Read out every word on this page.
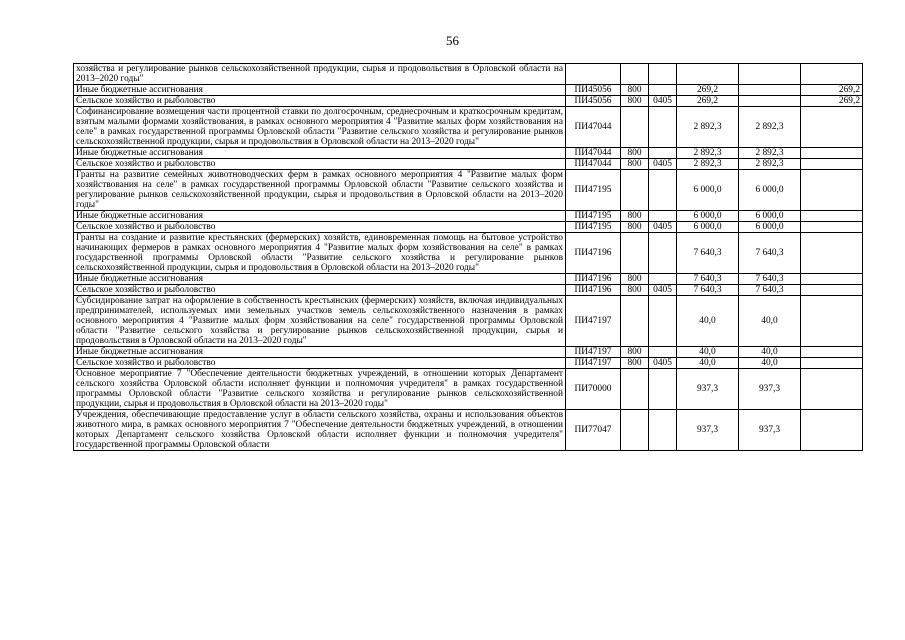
56
хозяйства и регулирование рынков сельскохозяйственной продукции, сырья и продовольствия в Орловской области на 2013–2020 годы"						
Иные бюджетные ассигнования	ПИ45056	800		269,2		269,2
Сельское хозяйство и рыболовство	ПИ45056	800	0405	269,2		269,2
Софинансирование возмещения части процентной ставки по долгосрочным, среднесрочным и краткосрочным кредитам, взятым малыми формами хозяйствования, в рамках основного мероприятия 4 "Развитие малых форм хозяйствования на селе" в рамках государственной программы Орловской области "Развитие сельского хозяйства и регулирование рынков сельскохозяйственной продукции, сырья и продовольствия в Орловской области на 2013–2020 годы"	ПИ47044			2 892,3	2 892,3	
Иные бюджетные ассигнования	ПИ47044	800		2 892,3	2 892,3	
Сельское хозяйство и рыболовство	ПИ47044	800	0405	2 892,3	2 892,3	
Гранты на развитие семейных животноводческих ферм в рамках основного мероприятия 4 "Развитие малых форм хозяйствования на селе" в рамках государственной программы Орловской области "Развитие сельского хозяйства и регулирование рынков сельскохозяйственной продукции, сырья и продовольствия в Орловской области на 2013–2020 годы"	ПИ47195			6 000,0	6 000,0	
Иные бюджетные ассигнования	ПИ47195	800		6 000,0	6 000,0	
Сельское хозяйство и рыболовство	ПИ47195	800	0405	6 000,0	6 000,0	
Гранты на создание и развитие крестьянских (фермерских) хозяйств, единовременная помощь на бытовое устройство начинающих фермеров в рамках основного мероприятия 4 "Развитие малых форм хозяйствования на селе" в рамках государственной программы Орловской области "Развитие сельского хозяйства и регулирование рынков сельскохозяйственной продукции, сырья и продовольствия в Орловской области на 2013–2020 годы"	ПИ47196			7 640,3	7 640,3	
Иные бюджетные ассигнования	ПИ47196	800		7 640,3	7 640,3	
Сельское хозяйство и рыболовство	ПИ47196	800	0405	7 640,3	7 640,3	
Субсидирование затрат на оформление в собственность крестьянских (фермерских) хозяйств, включая индивидуальных предпринимателей, используемых ими земельных участков земель сельскохозяйственного назначения в рамках основного мероприятия 4 "Развитие малых форм хозяйствования на селе" государственной программы Орловской области "Развитие сельского хозяйства и регулирование рынков сельскохозяйственной продукции, сырья и продовольствия в Орловской области на 2013–2020 годы"	ПИ47197			40,0	40,0	
Иные бюджетные ассигнования	ПИ47197	800		40,0	40,0	
Сельское хозяйство и рыболовство	ПИ47197	800	0405	40,0	40,0	
Основное мероприятие 7 "Обеспечение деятельности бюджетных учреждений, в отношении которых Департамент сельского хозяйства Орловской области исполняет функции и полномочия учредителя" в рамках государственной программы Орловской области "Развитие сельского хозяйства и регулирование рынков сельскохозяйственной продукции, сырья и продовольствия в Орловской области на 2013–2020 годы"	ПИ70000			937,3	937,3	
Учреждения, обеспечивающие предоставление услуг в области сельского хозяйства, охраны и использования объектов животного мира, в рамках основного мероприятия 7 "Обеспечение деятельности бюджетных учреждений, в отношении которых Департамент сельского хозяйства Орловской области исполняет функции и полномочия учредителя" государственной программы Орловской области	ПИ77047			937,3	937,3	
